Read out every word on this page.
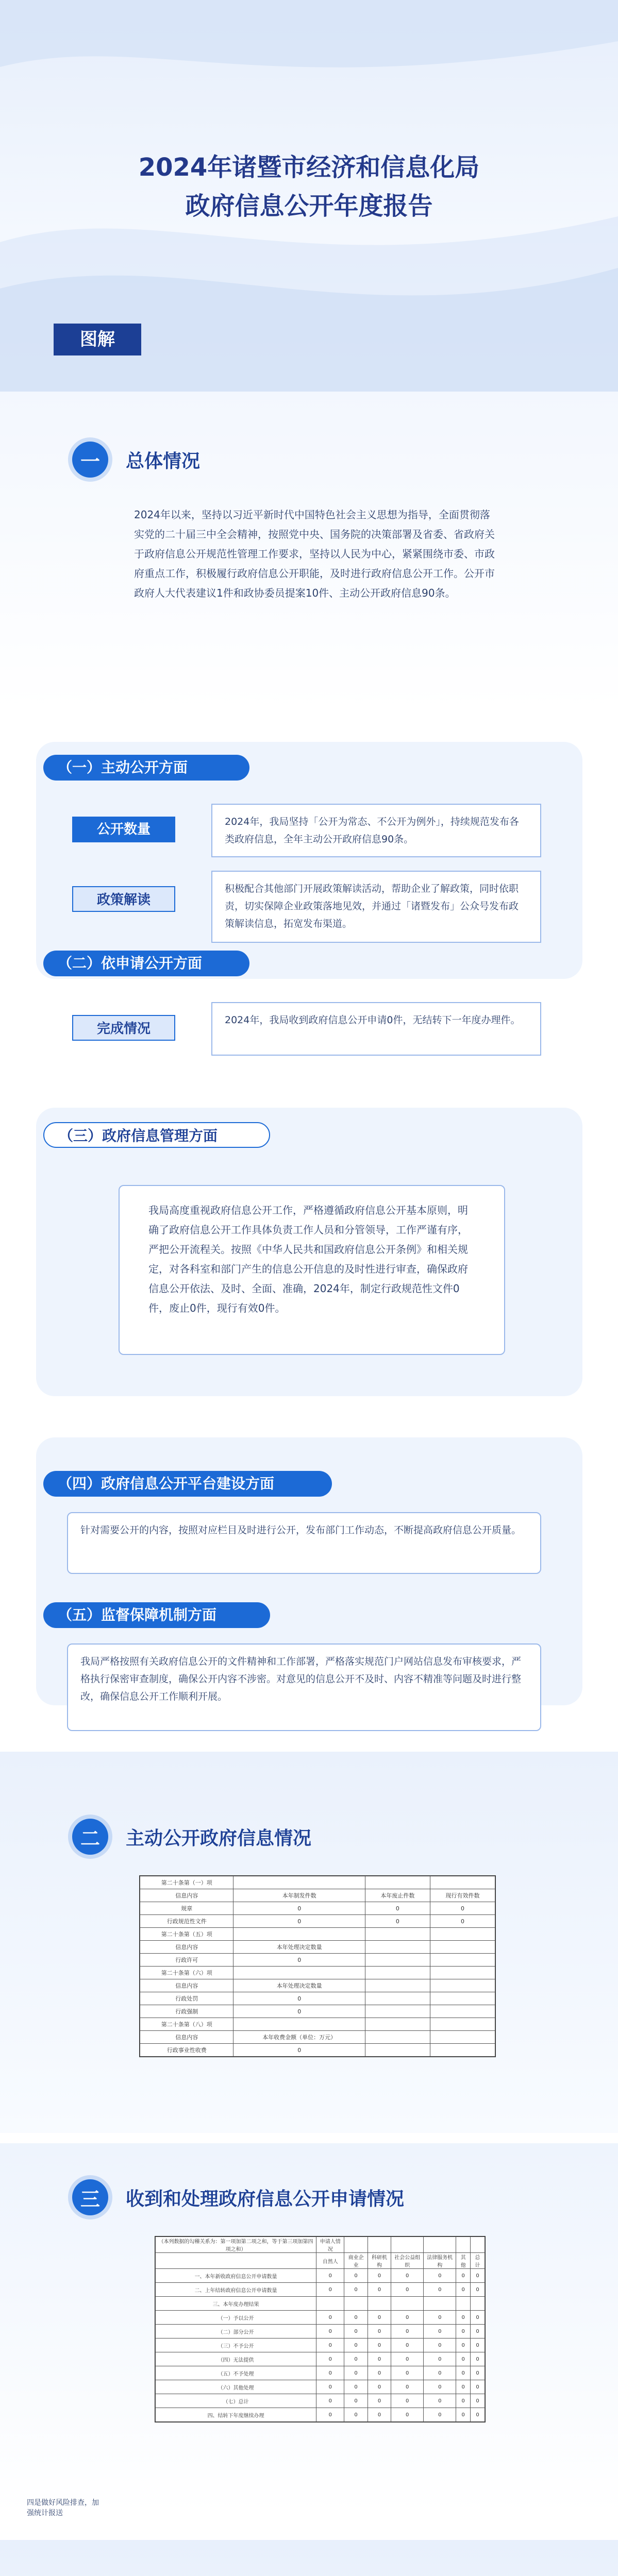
2024年诸暨市经济和信息化局
政府信息公开年度报告
图解
一	总体情况
2024年以来，坚持以习近平新时代中国特色社会主义思想为指导，全面贯彻落实党的二十届三中全会精神，按照党中央、国务院的决策部署及省委、省政府关于政府信息公开规范性管理工作要求，坚持以人民为中心，紧紧围绕市委、市政府重点工作，积极履行政府信息公开职能，及时进行政府信息公开工作。公开市政府人大代表建议1件和政协委员提案10件、主动公开政府信息90条。
（一）主动公开方面
公开数量	2024年，我局坚持「公开为常态、不公开为例外」，持续规范发布各类政府信息，全年主动公开政府信息90条。
政策解读
积极配合其他部门开展政策解读活动，帮助企业了解政策，同时依职责，切实保障企业政策落地见效，并通过「诸暨发布」公众号发布政策解读信息，拓宽发布渠道。
（二）依申请公开方面
完成情况
2024年，我局收到政府信息公开申请0件，无结转下一年度办理件。
（三）政府信息管理方面
我局高度重视政府信息公开工作，严格遵循政府信息公开基本原则，明确了政府信息公开工作具体负责工作人员和分管领导，工作严谨有序，严把公开流程关。按照《中华人民共和国政府信息公开条例》和相关规定，对各科室和部门产生的信息公开信息的及时性进行审查，确保政府信息公开依法、及时、全面、准确，2024年，制定行政规范性文件0件，废止0件，现行有效0件。
（四）政府信息公开平台建设方面
针对需要公开的内容，按照对应栏目及时进行公开，发布部门工作动态，不断提高政府信息公开质量。
（五）监督保障机制方面
我局严格按照有关政府信息公开的文件精神和工作部署，严格落实规范门户网站信息发布审核要求，严格执行保密审查制度，确保公开内容不涉密。对意见的信息公开不及时、内容不精准等问题及时进行整改，确保信息公开工作顺利开展。
二	主动公开政府信息情况
第二十条第（一）项			
信息内容	本年制发件数	本年废止件数	现行有效件数
规章	0	0	0
行政规范性文件	0	0	0
第二十条第（五）项			
信息内容	本年处理决定数量		
行政许可	0		
第二十条第（六）项			
信息内容	本年处理决定数量		
行政处罚	0		
行政强制	0		
第二十条第（八）项			
信息内容	本年收费金额（单位：万元）		
行政事业性收费	0		
三	收到和处理政府信息公开申请情况
（本列数据的勾稽关系为：第一项加第二项之和，等于第三项加第四项之和）	申请人情况						
	自然人	商业企业	科研机构	社会公益组织	法律服务机构	其他	总计
一、本年新收政府信息公开申请数量	0	0	0	0	0	0	0
二、上年结转政府信息公开申请数量	0	0	0	0	0	0	0
三、本年度办理结果							
（一）予以公开	0	0	0	0	0	0	0
（二）部分公开	0	0	0	0	0	0	0
（三）不予公开	0	0	0	0	0	0	0
（四）无法提供	0	0	0	0	0	0	0
（五）不予处理	0	0	0	0	0	0	0
（六）其他处理	0	0	0	0	0	0	0
（七）总计	0	0	0	0	0	0	0
四、结转下年度继续办理	0	0	0	0	0	0	0
四是做好风险排查，加强统计报送
